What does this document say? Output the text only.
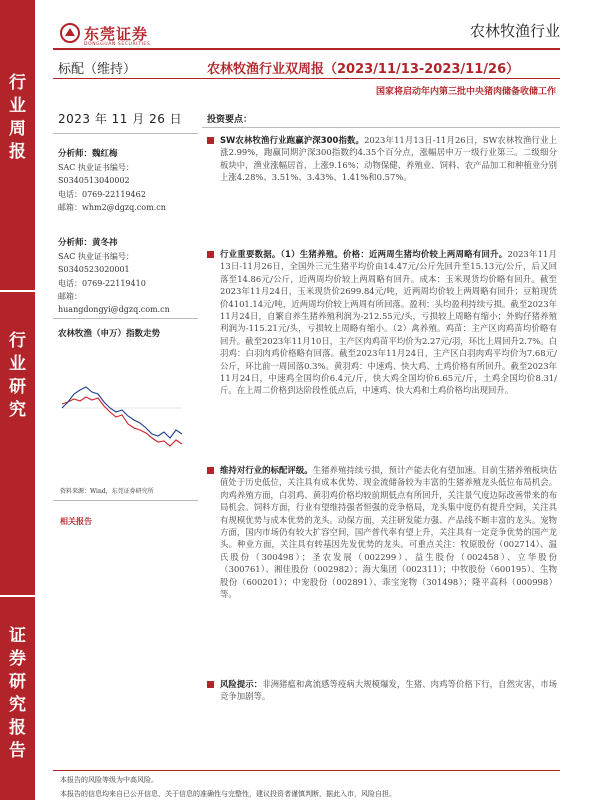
行
业
周
报
行
业
研
究
证
券
研
究
报
告
东莞证券
DONGGUAN SECURITIES
农林牧渔行业
标配（维持）	农林牧渔行业双周报（2023/11/13-2023/11/26）
国家将启动年内第三批中央猪肉储备收储工作
2023 年 11 月 26 日
分析师：魏红梅
SAC 执业证书编号：
S0340513040002
电话：0769-22119462
邮箱：whm2@dgzq.com.cn
分析师：黄冬祎
SAC 执业证书编号：
S0340523020001
电话：0769-22119410
邮箱：
huangdongyi@dgzq.com.cn
农林牧渔（申万）指数走势
资料来源：Wind，东莞证券研究所
相关报告
投资要点：
SW农林牧渔行业跑赢沪深300指数。2023年11月13日-11月26日，SW农林牧渔行业上涨2.99%，跑赢同期沪深300指数约4.35个百分点，涨幅居申万一级行业第三。二级细分板块中，渔业涨幅居首，上涨9.16%；动物保健、养殖业、饲料、农产品加工和种植业分别上涨4.28%、3.51%、3.43%、1.41%和0.57%。
行业重要数据。（1）生猪养殖。价格：近两周生猪均价较上两周略有回升。2023年11月13日-11月26日，全国外三元生猪平均价由14.47元/公斤先回升至15.13元/公斤，后又回落至14.86元/公斤，近两周均价较上两周略有回升。成本：玉米现货均价略有回升。截至2023年11月24日，玉米现货价2699.84元/吨，近两周均价较上两周略有回升；豆粕现货价4101.14元/吨，近两周均价较上两周有所回落。盈利：头均盈利持续亏损。截至2023年11月24日，自繁自养生猪养殖利润为-212.55元/头，亏损较上周略有缩小；外购仔猪养殖利润为-115.21元/头，亏损较上周略有缩小。（2）禽养殖。鸡苗：主产区肉鸡苗均价略有回升。截至2023年11月10日，主产区肉鸡苗平均价为2.27元/羽，环比上周回升2.7%。白羽鸡：白羽肉鸡价格略有回落。截至2023年11月24日，主产区白羽肉鸡平均价为7.68元/公斤，环比前一周回落0.3%。黄羽鸡：中速鸡、快大鸡、土鸡价格有所回升。截至2023年11月24日，中速鸡全国均价6.4元/斤，快大鸡全国均价6.65元/斤，土鸡全国均价8.31/斤。在上周二价格到达阶段性低点后，中速鸡、快大鸡和土鸡价格均出现回升。
维持对行业的标配评级。生猪养殖持续亏损，预计产能去化有望加速。目前生猪养殖板块估值处于历史低位，关注具有成本优势、现金流储备较为丰富的生猪养殖龙头低位布局机会。肉鸡养殖方面，白羽鸡、黄羽鸡价格均较前期低点有所回升，关注景气度边际改善带来的布局机会。饲料方面，行业有望维持强者恒强的竞争格局，龙头集中度仍有提升空间，关注具有规模优势与成本优势的龙头。动保方面，关注研发能力强、产品线不断丰富的龙头。宠物方面，国内市场仍有较大扩容空间，国产普代率有望上升，关注具有一定竞争优势的国产龙头。种业方面，关注具有转基因先发优势的龙头。可重点关注：牧原股份（002714）、温氏股份（300498）；圣农发展（002299）、益生股份（002458）、立华股份（300761）、湘佳股份（002982）；海大集团（002311）；中牧股份（600195）、生物股份（600201）；中宠股份（002891）、乖宝宠物（301498）；隆平高科（000998）等。
风险提示：非洲猪瘟和禽流感等疫病大规模爆发，生猪、肉鸡等价格下行，自然灾害，市场竞争加剧等。
本报告的风险等级为中高风险。
本报告的信息均来自已公开信息，关于信息的准确性与完整性，建议投资者谨慎判断，据此入市，风险自担。
